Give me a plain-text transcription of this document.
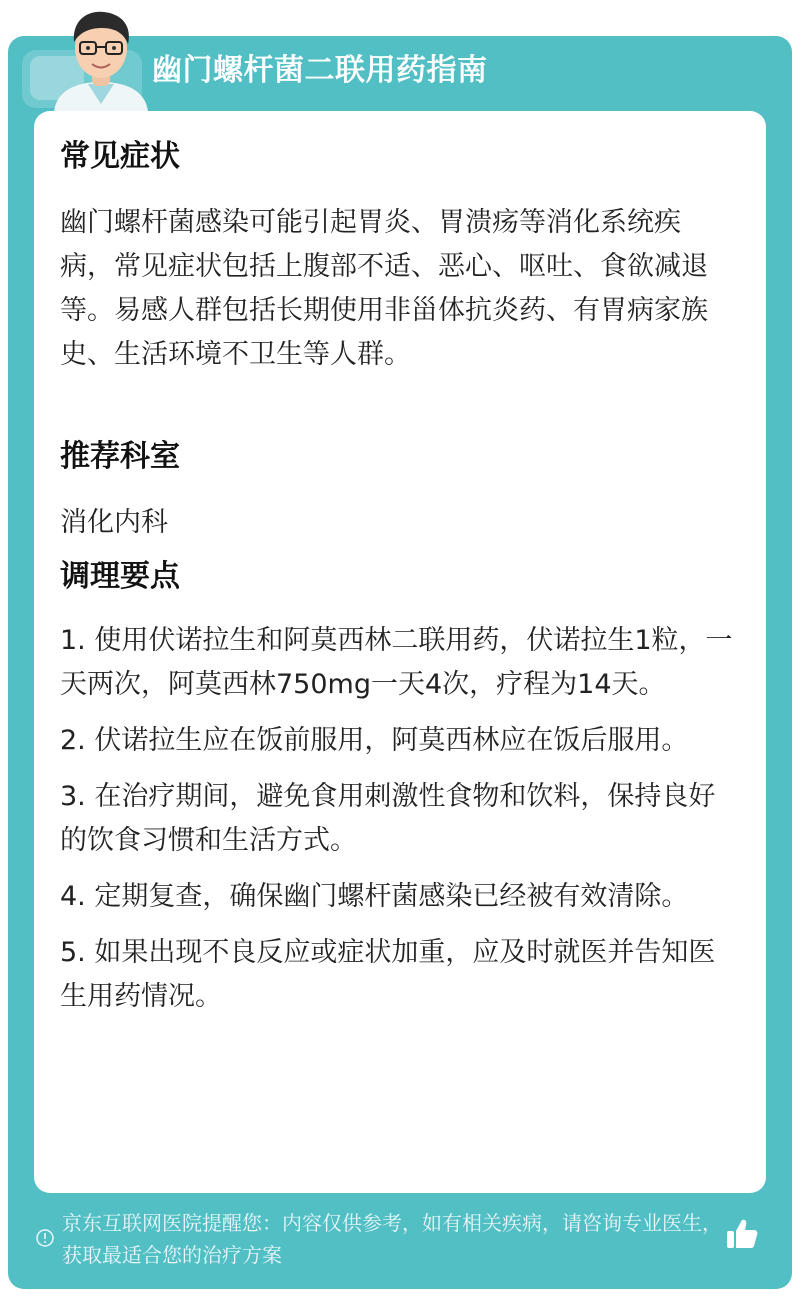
幽门螺杆菌二联用药指南
常见症状

幽门螺杆菌感染可能引起胃炎、胃溃疡等消化系统疾病，常见症状包括上腹部不适、恶心、呕吐、食欲减退等。易感人群包括长期使用非甾体抗炎药、有胃病家族史、生活环境不卫生等人群。

推荐科室

消化内科

调理要点

1. 使用伏诺拉生和阿莫西林二联用药，伏诺拉生1粒，一天两次，阿莫西林750mg一天4次，疗程为14天。

2. 伏诺拉生应在饭前服用，阿莫西林应在饭后服用。

3. 在治疗期间，避免食用刺激性食物和饮料，保持良好的饮食习惯和生活方式。

4. 定期复查，确保幽门螺杆菌感染已经被有效清除。

5. 如果出现不良反应或症状加重，应及时就医并告知医生用药情况。

京东互联网医院提醒您：内容仅供参考，如有相关疾病，请咨询专业医生，获取最适合您的治疗方案
